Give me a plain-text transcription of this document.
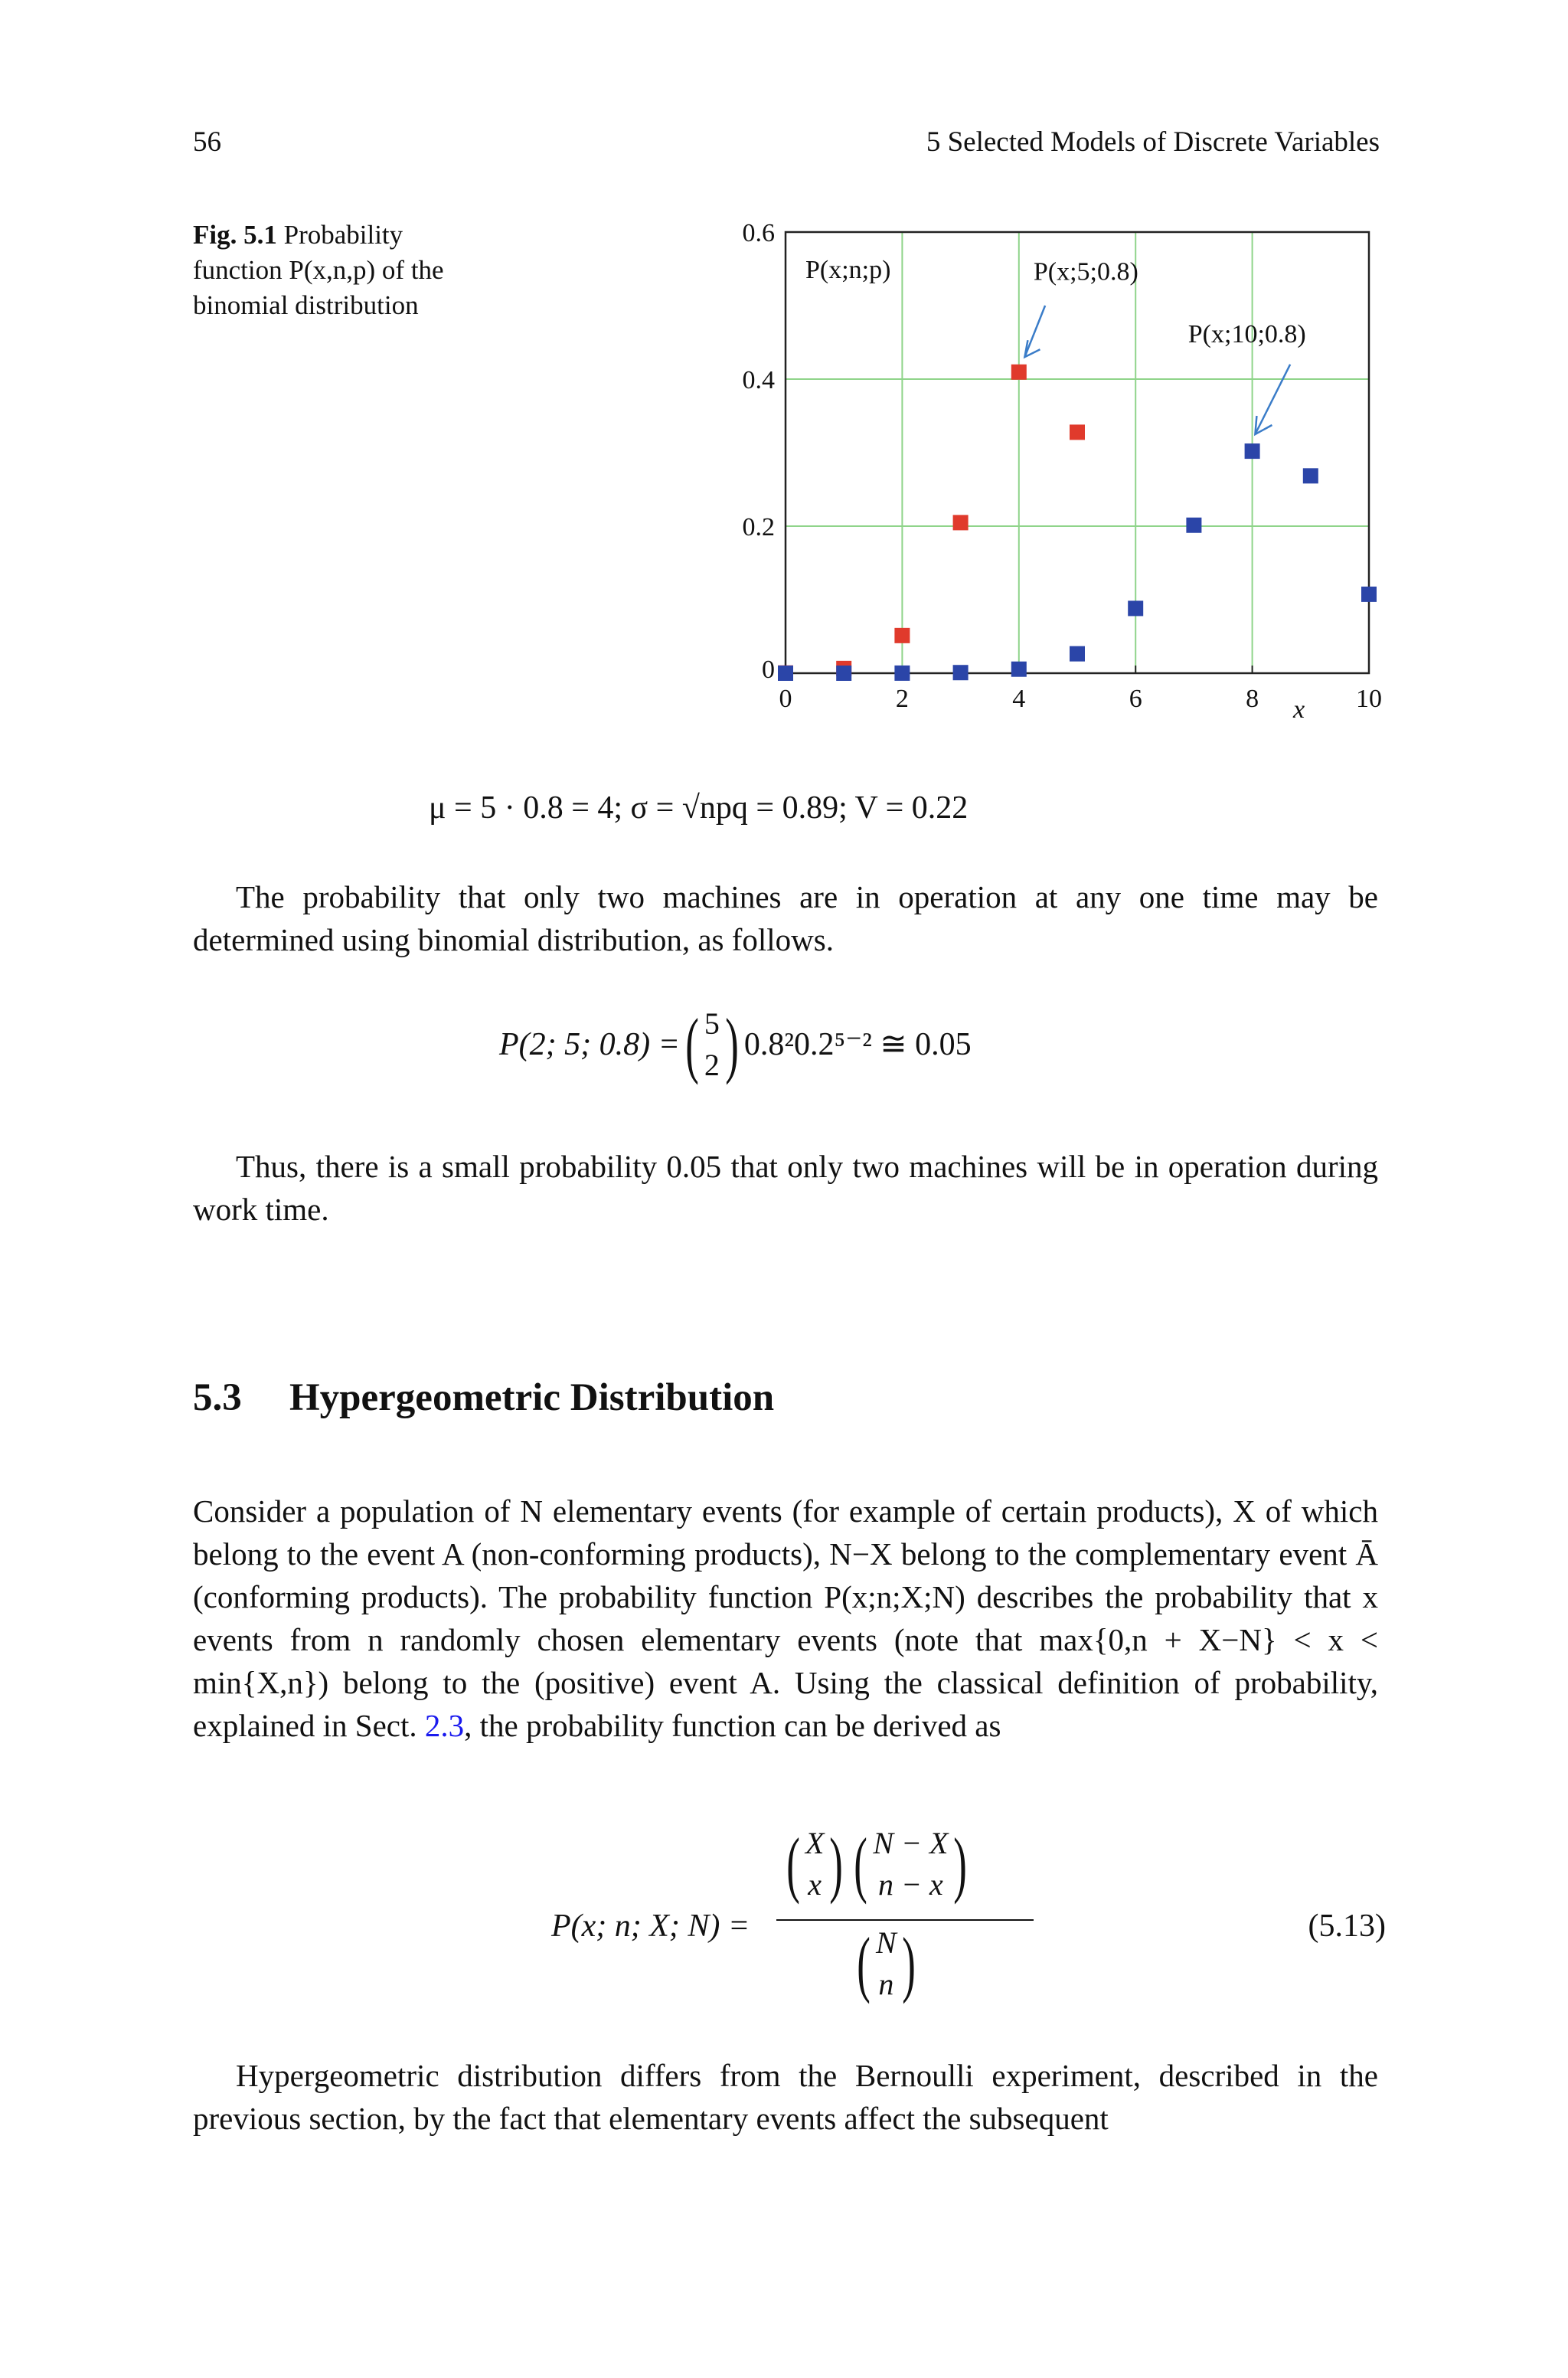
56	5 Selected Models of Discrete Variables
Fig. 5.1 Probability
function P(x,n,p) of the
binomial distribution
0	2	4	6	8	10
0
0.2
0.4
0.6
x
P(x;n;p)	P(x;5;0.8)
P(x;10;0.8)
μ = 5 · 0.8 = 4; σ = √npq = 0.89; V = 0.22

The probability that only two machines are in operation at any one time may be determined using binomial distribution, as follows.

P(2; 5; 0.8) = ( 5
2 ) 0.8²0.2⁵⁻² ≅ 0.05

Thus, there is a small probability 0.05 that only two machines will be in operation during work time.

5.3 Hypergeometric Distribution

Consider a population of N elementary events (for example of certain products), X of which belong to the event A (non-conforming products), N−X belong to the complementary event Ā (conforming products). The probability function P(x;n;X;N) describes the probability that x events from n randomly chosen elementary events (note that max{0,n + X−N} < x < min{X,n}) belong to the (positive) event A. Using the classical definition of probability, explained in Sect. 2.3, the probability function can be derived as

P(x; n; X; N) =
( X
x ) ( N − X
n − x )
( N
n )	(5.13)

Hypergeometric distribution differs from the Bernoulli experiment, described in the previous section, by the fact that elementary events affect the subsequent
